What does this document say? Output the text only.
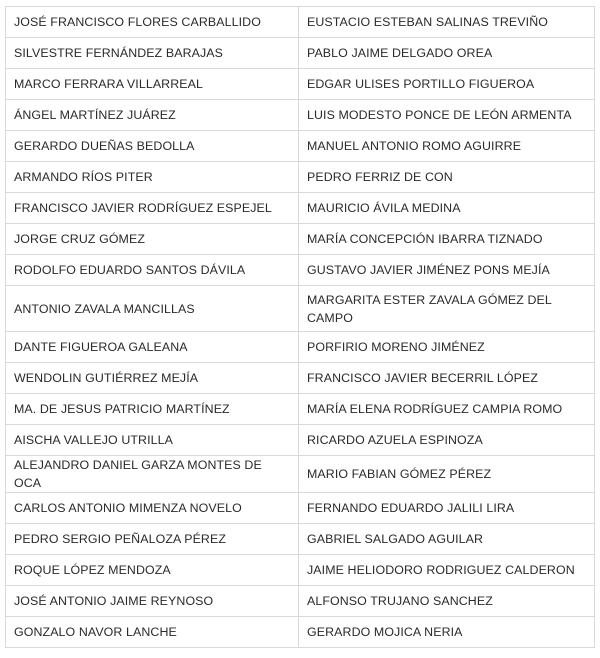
JOSÉ FRANCISCO FLORES CARBALLIDO	EUSTACIO ESTEBAN SALINAS TREVIÑO
SILVESTRE FERNÁNDEZ BARAJAS	PABLO JAIME DELGADO OREA
MARCO FERRARA VILLARREAL	EDGAR ULISES PORTILLO FIGUEROA
ÁNGEL MARTÍNEZ JUÁREZ	LUIS MODESTO PONCE DE LEÓN ARMENTA
GERARDO DUEÑAS BEDOLLA	MANUEL ANTONIO ROMO AGUIRRE
ARMANDO RÍOS PITER	PEDRO FERRIZ DE CON
FRANCISCO JAVIER RODRÍGUEZ ESPEJEL	MAURICIO ÁVILA MEDINA
JORGE CRUZ GÓMEZ	MARÍA CONCEPCIÓN IBARRA TIZNADO
RODOLFO EDUARDO SANTOS DÁVILA	GUSTAVO JAVIER JIMÉNEZ PONS MEJÍA
ANTONIO ZAVALA MANCILLAS	MARGARITA ESTER ZAVALA GÓMEZ DEL CAMPO
DANTE FIGUEROA GALEANA	PORFIRIO MORENO JIMÉNEZ
WENDOLIN GUTIÉRREZ MEJÍA	FRANCISCO JAVIER BECERRIL LÓPEZ
MA. DE JESUS PATRICIO MARTÍNEZ	MARÍA ELENA RODRÍGUEZ CAMPIA ROMO
AISCHA VALLEJO UTRILLA	RICARDO AZUELA ESPINOZA
ALEJANDRO DANIEL GARZA MONTES DE OCA	MARIO FABIAN GÓMEZ PÉREZ
CARLOS ANTONIO MIMENZA NOVELO	FERNANDO EDUARDO JALILI LIRA
PEDRO SERGIO PEÑALOZA PÉREZ	GABRIEL SALGADO AGUILAR
ROQUE LÓPEZ MENDOZA	JAIME HELIODORO RODRIGUEZ CALDERON
JOSÉ ANTONIO JAIME REYNOSO	ALFONSO TRUJANO SANCHEZ
GONZALO NAVOR LANCHE	GERARDO MOJICA NERIA
